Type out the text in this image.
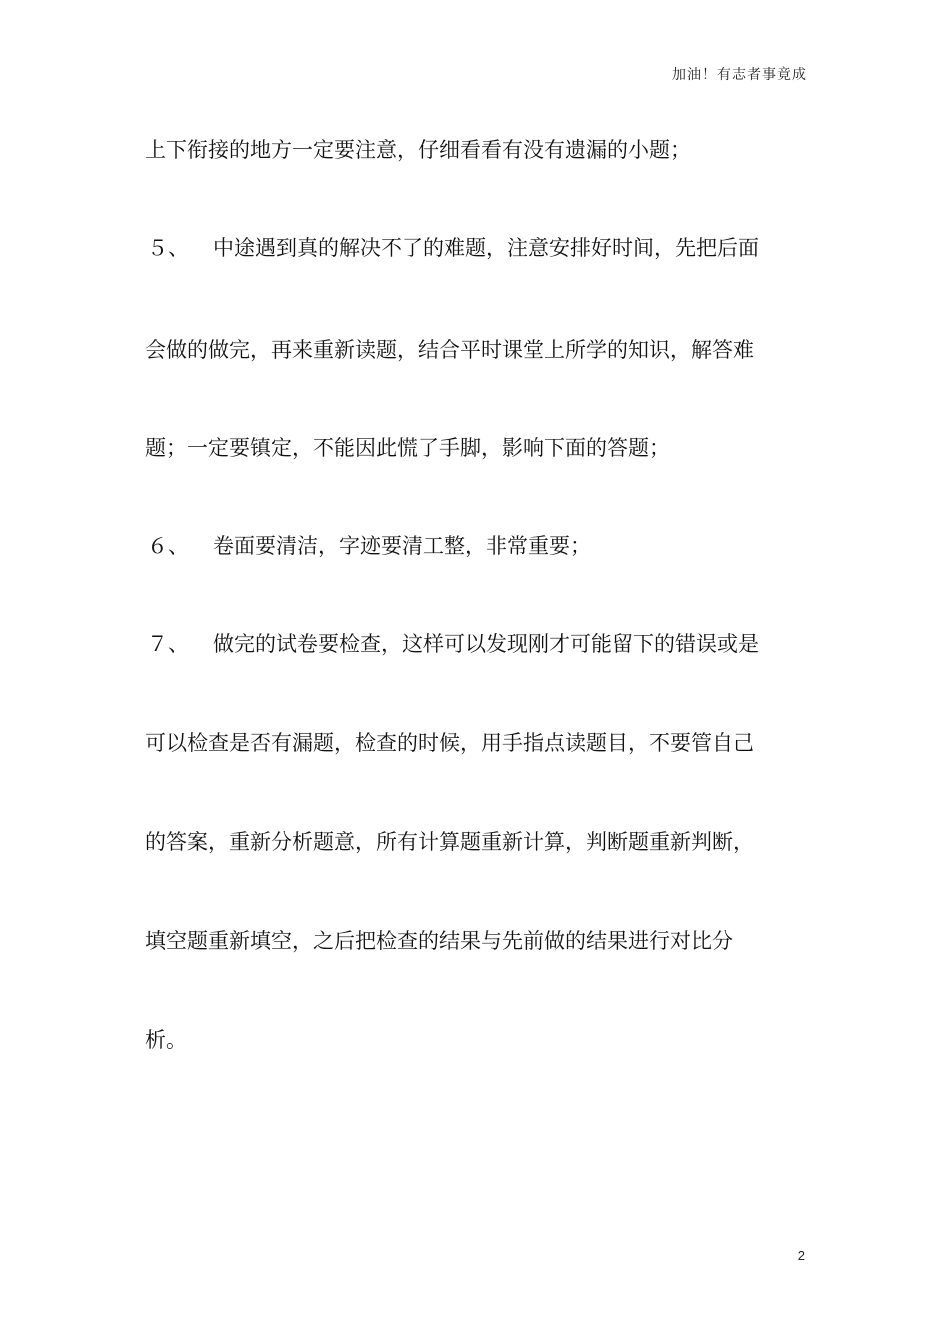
加油！有志者事竟成
上下衔接的地方一定要注意，仔细看看有没有遗漏的小题；
５、 中途遇到真的解决不了的难题，注意安排好时间，先把后面
会做的做完，再来重新读题，结合平时课堂上所学的知识，解答难
题；一定要镇定，不能因此慌了手脚，影响下面的答题；
６、 卷面要清洁，字迹要清工整，非常重要；
７、 做完的试卷要检查，这样可以发现刚才可能留下的错误或是
可以检查是否有漏题，检查的时候，用手指点读题目，不要管自己
的答案，重新分析题意，所有计算题重新计算，判断题重新判断，
填空题重新填空，之后把检查的结果与先前做的结果进行对比分
析。
2
